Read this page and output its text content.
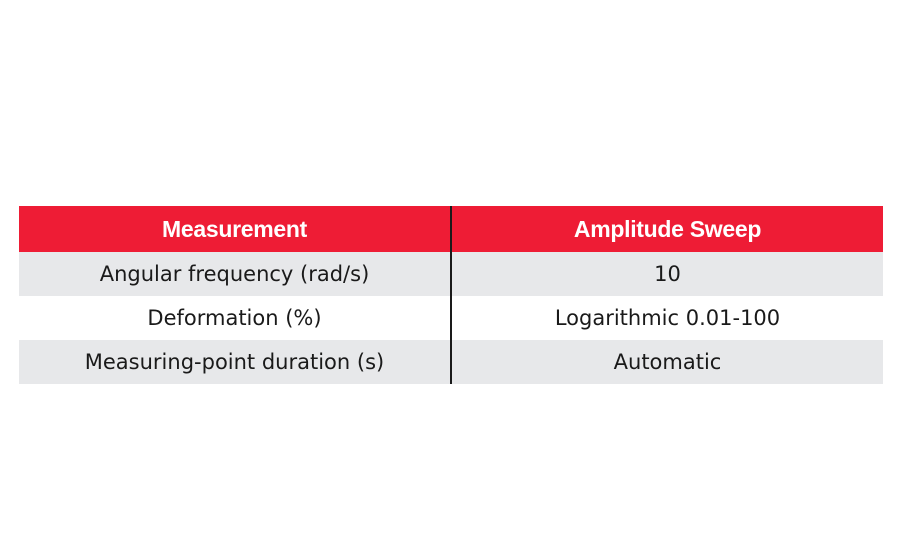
Measurement	Amplitude Sweep
Angular frequency (rad/s)	10
Deformation (%)	Logarithmic 0.01-100
Measuring-point duration (s)	Automatic
